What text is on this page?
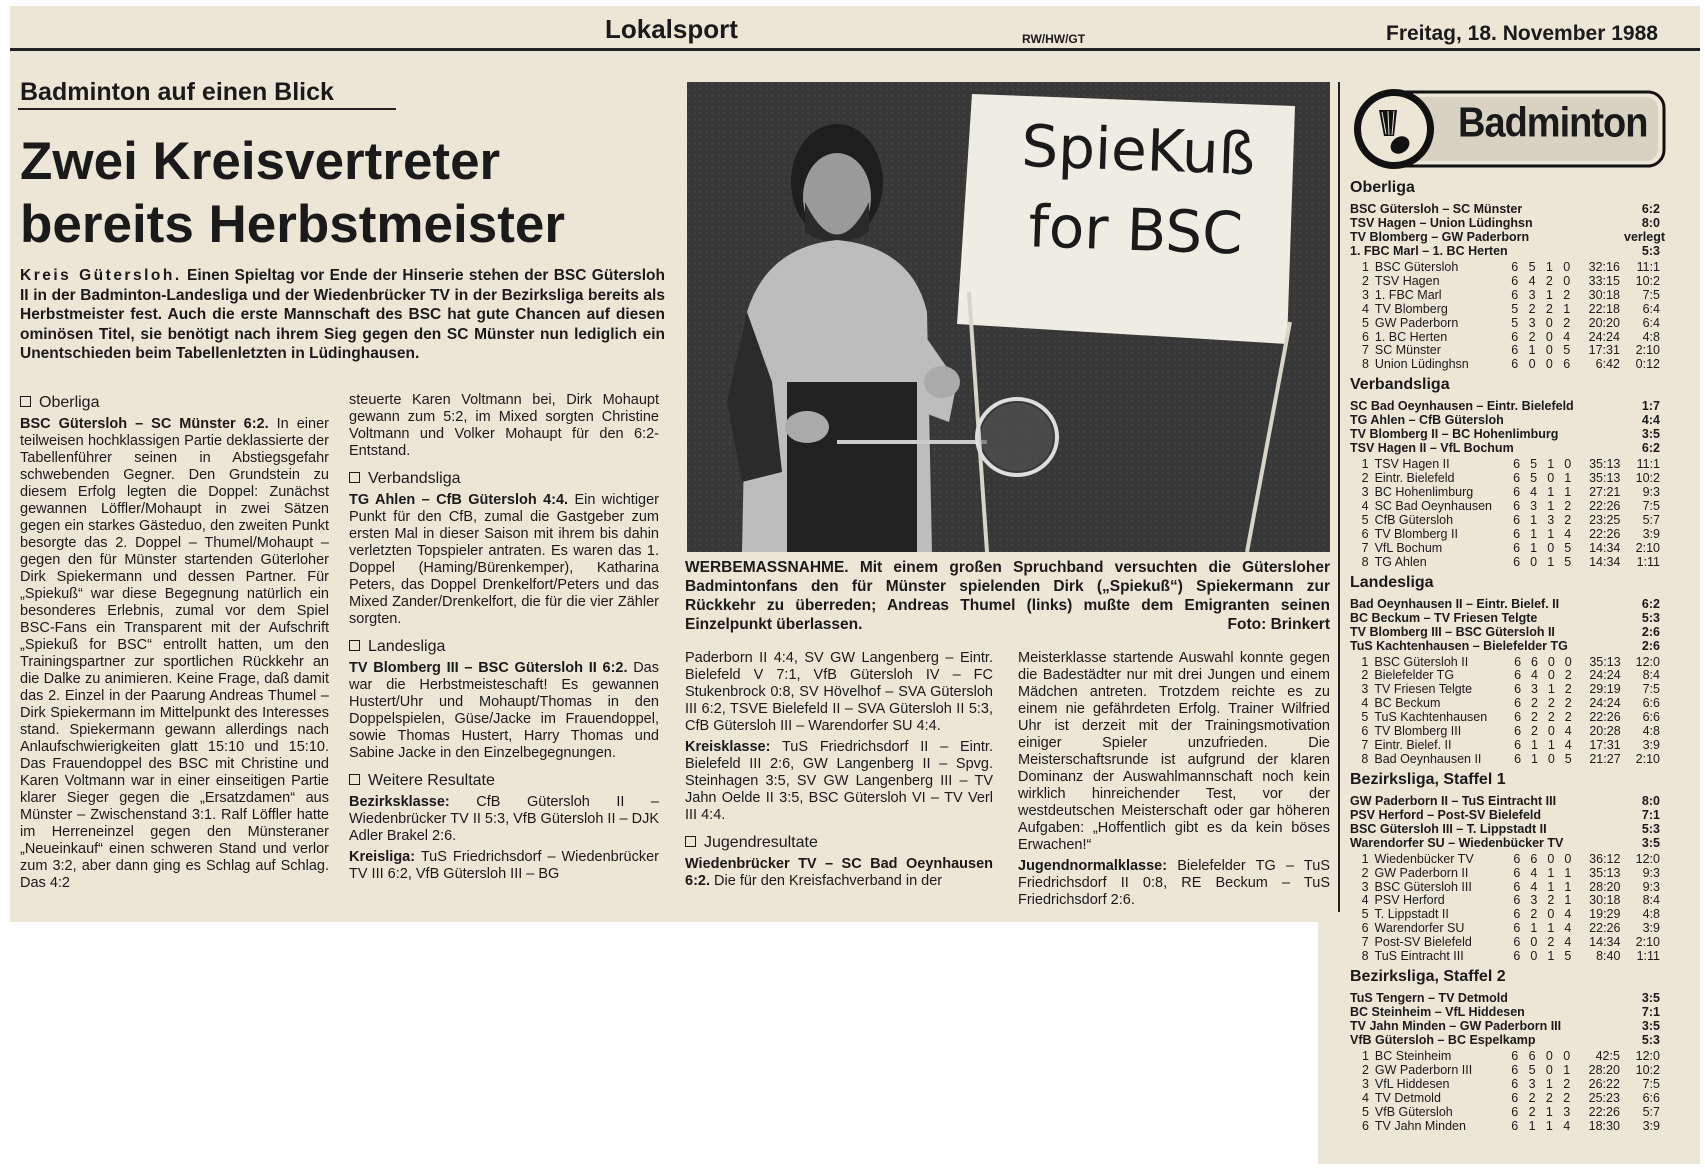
Lokalsport	RW/HW/GT	Freitag, 18. November 1988
Badminton auf einen Blick
Zwei Kreisvertreter
bereits Herbstmeister
Kreis Gütersloh. Einen Spieltag vor Ende der Hinserie stehen der BSC Gütersloh II in der Badminton-Landesliga und der Wiedenbrücker TV in der Bezirksliga bereits als Herbstmeister fest. Auch die erste Mannschaft des BSC hat gute Chancen auf diesen ominösen Titel, sie benötigt nach ihrem Sieg gegen den SC Münster nun lediglich ein Unentschieden beim Tabellenletzten in Lüdinghausen.
Oberliga

BSC Gütersloh – SC Münster 6:2. In einer teilweisen hochklassigen Partie deklassierte der Tabellenführer seinen in Abstiegsgefahr schwebenden Gegner. Den Grundstein zu diesem Erfolg legten die Doppel: Zunächst gewannen Löffler/Mohaupt in zwei Sätzen gegen ein starkes Gästeduo, den zweiten Punkt besorgte das 2. Doppel – Thumel/Mohaupt – gegen den für Münster startenden Güterloher Dirk Spiekermann und dessen Partner. Für „Spiekuß“ war diese Begegnung natürlich ein besonderes Erlebnis, zumal vor dem Spiel BSC-Fans ein Transparent mit der Aufschrift „Spiekuß for BSC“ entrollt hatten, um den Trainingspartner zur sportlichen Rückkehr an die Dalke zu animieren. Keine Frage, daß damit das 2. Einzel in der Paarung Andreas Thumel – Dirk Spiekermann im Mittelpunkt des Interesses stand. Spiekermann gewann allerdings nach Anlaufschwierigkeiten glatt 15:10 und 15:10. Das Frauendoppel des BSC mit Christine und Karen Voltmann war in einer einseitigen Partie klarer Sieger gegen die „Ersatzdamen“ aus Münster – Zwischenstand 3:1. Ralf Löffler hatte im Herreneinzel gegen den Münsteraner „Neueinkauf“ einen schweren Stand und verlor zum 3:2, aber dann ging es Schlag auf Schlag. Das 4:2

steuerte Karen Voltmann bei, Dirk Mohaupt gewann zum 5:2, im Mixed sorgten Christine Voltmann und Volker Mohaupt für den 6:2-Entstand.

Verbandsliga

TG Ahlen – CfB Gütersloh 4:4. Ein wichtiger Punkt für den CfB, zumal die Gastgeber zum ersten Mal in dieser Saison mit ihrem bis dahin verletzten Topspieler antraten. Es waren das 1. Doppel (Haming/Bürenkemper), Katharina Peters, das Doppel Drenkelfort/Peters und das Mixed Zander/Drenkelfort, die für die vier Zähler sorgten.

Landesliga

TV Blomberg III – BSC Gütersloh II 6:2. Das war die Herbstmeisteschaft! Es gewannen Hustert/Uhr und Mohaupt/Thomas in den Doppelspielen, Güse/Jacke im Frauendoppel, sowie Thomas Hustert, Harry Thomas und Sabine Jacke in den Einzelbegegnungen.

Weitere Resultate

Bezirksklasse: CfB Gütersloh II – Wiedenbrücker TV II 5:3, VfB Gütersloh II – DJK Adler Brakel 2:6.

Kreisliga: TuS Friedrichsdorf – Wiedenbrücker TV III 6:2, VfB Gütersloh III – BG

SpieKuß
for BSC
WERBEMASSNAHME. Mit einem großen Spruchband versuchten die Gütersloher Badmintonfans den für Münster spielenden Dirk („Spiekuß“) Spiekermann zur Rückkehr zu überreden; Andreas Thumel (links) mußte dem Emigranten seinen Einzelpunkt überlassen.	Foto: Brinkert

Paderborn II 4:4, SV GW Langenberg – Eintr. Bielefeld V 7:1, VfB Gütersloh IV – FC Stukenbrock 0:8, SV Hövelhof – SVA Gütersloh III 6:2, TSVE Bielefeld II – SVA Gütersloh II 5:3, CfB Gütersloh III – Warendorfer SU 4:4.

Kreisklasse: TuS Friedrichsdorf II – Eintr. Bielefeld III 2:6, GW Langenberg II – Spvg. Steinhagen 3:5, SV GW Langenberg III – TV Jahn Oelde II 3:5, BSC Gütersloh VI – TV Verl III 4:4.

Jugendresultate

Wiedenbrücker TV – SC Bad Oeynhausen 6:2. Die für den Kreisfachverband in der

Meisterklasse startende Auswahl konnte gegen die Badestädter nur mit drei Jungen und einem Mädchen antreten. Trotzdem reichte es zu einem nie gefährdeten Erfolg. Trainer Wilfried Uhr ist derzeit mit der Trainingsmotivation einiger Spieler unzufrieden. Die Meisterschaftsrunde ist aufgrund der klaren Dominanz der Auswahlmannschaft noch kein wirklich hinreichender Test, vor der westdeutschen Meisterschaft oder gar höheren Aufgaben: „Hoffentlich gibt es da kein böses Erwachen!“

Jugendnormalklasse: Bielefelder TG – TuS Friedrichsdorf II 0:8, RE Beckum – TuS Friedrichsdorf 2:6.

Badminton
Oberliga
BSC Gütersloh – SC Münster	6:2
TSV Hagen – Union Lüdinghsn	8:0
TV Blomberg – GW Paderborn	verlegt
1. FBC Marl – 1. BC Herten	5:3
1	BSC Gütersloh	6	5	1	0	32:16	11:1
2	TSV Hagen	6	4	2	0	33:15	10:2
3	1. FBC Marl	6	3	1	2	30:18	7:5
4	TV Blomberg	5	2	2	1	22:18	6:4
5	GW Paderborn	5	3	0	2	20:20	6:4
6	1. BC Herten	6	2	0	4	24:24	4:8
7	SC Münster	6	1	0	5	17:31	2:10
8	Union Lüdinghsn	6	0	0	6	6:42	0:12
Verbandsliga
SC Bad Oeynhausen – Eintr. Bielefeld	1:7
TG Ahlen – CfB Gütersloh	4:4
TV Blomberg II – BC Hohenlimburg	3:5
TSV Hagen II – VfL Bochum	6:2
1	TSV Hagen II	6	5	1	0	35:13	11:1
2	Eintr. Bielefeld	6	5	0	1	35:13	10:2
3	BC Hohenlimburg	6	4	1	1	27:21	9:3
4	SC Bad Oeynhausen	6	3	1	2	22:26	7:5
5	CfB Gütersloh	6	1	3	2	23:25	5:7
6	TV Blomberg II	6	1	1	4	22:26	3:9
7	VfL Bochum	6	1	0	5	14:34	2:10
8	TG Ahlen	6	0	1	5	14:34	1:11
Landesliga
Bad Oeynhausen II – Eintr. Bielef. II	6:2
BC Beckum – TV Friesen Telgte	5:3
TV Blomberg III – BSC Gütersloh II	2:6
TuS Kachtenhausen – Bielefelder TG	2:6
1	BSC Gütersloh II	6	6	0	0	35:13	12:0
2	Bielefelder TG	6	4	0	2	24:24	8:4
3	TV Friesen Telgte	6	3	1	2	29:19	7:5
4	BC Beckum	6	2	2	2	24:24	6:6
5	TuS Kachtenhausen	6	2	2	2	22:26	6:6
6	TV Blomberg III	6	2	0	4	20:28	4:8
7	Eintr. Bielef. II	6	1	1	4	17:31	3:9
8	Bad Oeynhausen II	6	1	0	5	21:27	2:10
Bezirksliga, Staffel 1
GW Paderborn II – TuS Eintracht III	8:0
PSV Herford – Post-SV Bielefeld	7:1
BSC Gütersloh III – T. Lippstadt II	5:3
Warendorfer SU – Wiedenbücker TV	3:5
1	Wiedenbücker TV	6	6	0	0	36:12	12:0
2	GW Paderborn II	6	4	1	1	35:13	9:3
3	BSC Gütersloh III	6	4	1	1	28:20	9:3
4	PSV Herford	6	3	2	1	30:18	8:4
5	T. Lippstadt II	6	2	0	4	19:29	4:8
6	Warendorfer SU	6	1	1	4	22:26	3:9
7	Post-SV Bielefeld	6	0	2	4	14:34	2:10
8	TuS Eintracht III	6	0	1	5	8:40	1:11
Bezirksliga, Staffel 2
TuS Tengern – TV Detmold	3:5
BC Steinheim – VfL Hiddesen	7:1
TV Jahn Minden – GW Paderborn III	3:5
VfB Gütersloh – BC Espelkamp	5:3
1	BC Steinheim	6	6	0	0	42:5	12:0
2	GW Paderborn III	6	5	0	1	28:20	10:2
3	VfL Hiddesen	6	3	1	2	26:22	7:5
4	TV Detmold	6	2	2	2	25:23	6:6
5	VfB Gütersloh	6	2	1	3	22:26	5:7
6	TV Jahn Minden	6	1	1	4	18:30	3:9
